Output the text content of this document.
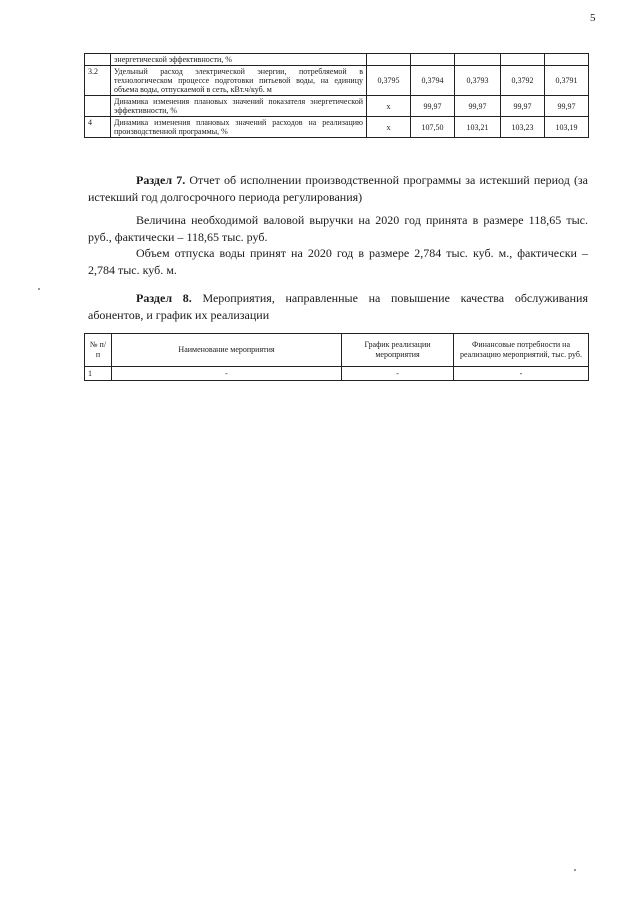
5
	энергетической эффективности, %					
3.2	Удельный расход электрической энергии, потребляемой в технологическом процессе подготовки питьевой воды, на единицу объема воды, отпускаемой в сеть, кВт.ч/куб. м	0,3795	0,3794	0,3793	0,3792	0,3791
	Динамика изменения плановых значений показателя энергетической эффективности, %	х	99,97	99,97	99,97	99,97
4	Динамика изменения плановых значений расходов на реализацию производственной программы, %	х	107,50	103,21	103,23	103,19

Раздел 7. Отчет об исполнении производственной программы за истекший период (за истекший год долгосрочного периода регулирования)

Величина необходимой валовой выручки на 2020 год принята в размере 118,65 тыс. руб., фактически – 118,65 тыс. руб.

Объем отпуска воды принят на 2020 год в размере 2,784 тыс. куб. м., фактически – 2,784 тыс. куб. м.

Раздел 8. Мероприятия, направленные на повышение качества обслуживания абонентов, и график их реализации

№ п/п	Наименование мероприятия	График реализации мероприятия	Финансовые потребности на реализацию мероприятий, тыс. руб.
1	-	-	-
